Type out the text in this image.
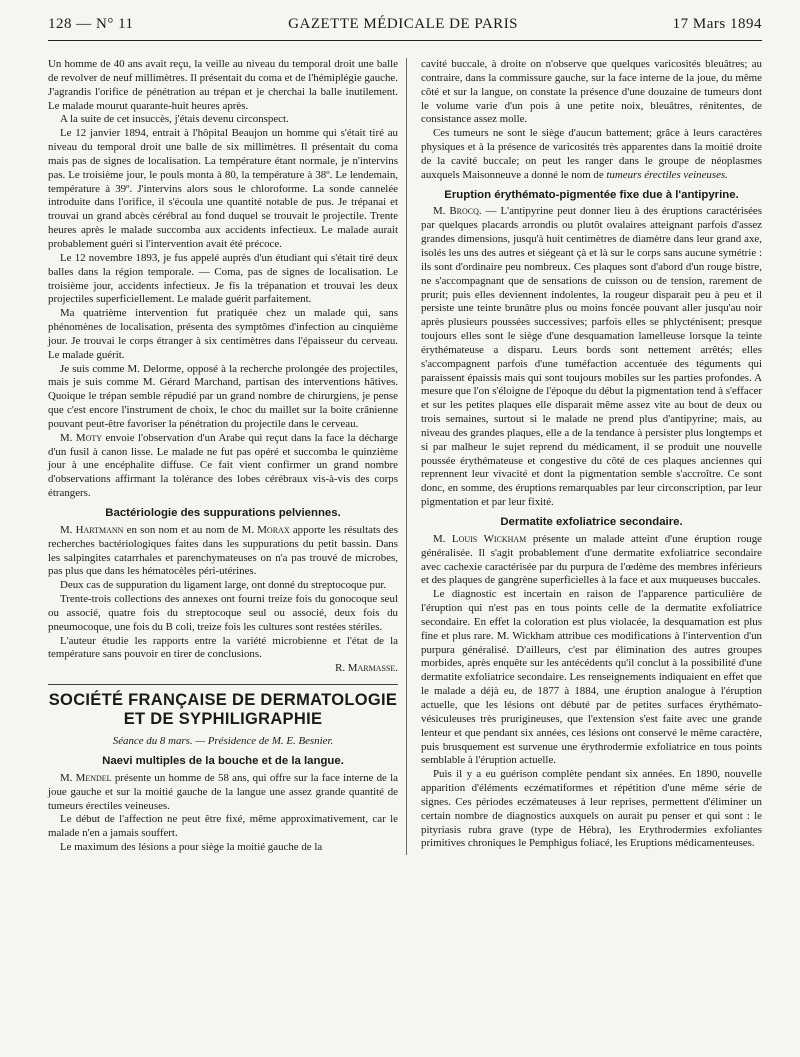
128 — N° 11	GAZETTE MÉDICALE DE PARIS	17 Mars 1894

Un homme de 40 ans avait reçu, la veille au niveau du temporal droit une balle de revolver de neuf millimètres. Il présentait du coma et de l'hémiplégie gauche. J'agrandis l'orifice de pénétration au trépan et je cherchai la balle inutilement. Le malade mourut quarante-huit heures après.

A la suite de cet insuccès, j'étais devenu circonspect.

Le 12 janvier 1894, entrait à l'hôpital Beaujon un homme qui s'était tiré au niveau du temporal droit une balle de six millimètres. Il présentait du coma mais pas de signes de localisation. La température étant normale, je n'intervins pas. Le troisième jour, le pouls monta à 80, la température à 38º. Le lendemain, température à 39º. J'intervins alors sous le chloroforme. La sonde cannelée introduite dans l'orifice, il s'écoula une quantité notable de pus. Je trépanai et trouvai un grand abcès cérébral au fond duquel se trouvait le projectile. Trente heures après le malade succomba aux accidents infectieux. Le malade aurait probablement guéri si l'intervention avait été précoce.

Le 12 novembre 1893, je fus appelé auprès d'un étudiant qui s'était tiré deux balles dans la région temporale. — Coma, pas de signes de localisation. Le troisième jour, accidents infectieux. Je fis la trépanation et trouvai les deux projectiles superficiellement. Le malade guérit parfaitement.

Ma quatrième intervention fut pratiquée chez un malade qui, sans phénomènes de localisation, présenta des symptômes d'infection au cinquième jour. Je trouvai le corps étranger à six centimètres dans l'épaisseur du cerveau. Le malade guérit.

Je suis comme M. Delorme, opposé à la recherche prolongée des projectiles, mais je suis comme M. Gérard Marchand, partisan des interventions hâtives. Quoique le trépan semble répudié par un grand nombre de chirurgiens, je pense que c'est encore l'instrument de choix, le choc du maillet sur la boite crânienne pouvant peut-être favoriser la pénétration du projectile dans le cerveau.

M. Moty envoie l'observation d'un Arabe qui reçut dans la face la décharge d'un fusil à canon lisse. Le malade ne fut pas opéré et succomba le quinzième jour à une encéphalite diffuse. Ce fait vient confirmer un grand nombre d'observations affirmant la tolérance des lobes cérébraux vis-à-vis des corps étrangers.

Bactériologie des suppurations pelviennes.

M. Hartmann en son nom et au nom de M. Morax apporte les résultats des recherches bactériologiques faites dans les suppurations du petit bassin. Dans les salpingites catarrhales et parenchymateuses on n'a pas trouvé de microbes, pas plus que dans les hématocèles péri-utérines.

Deux cas de suppuration du ligament large, ont donné du streptocoque pur.

Trente-trois collections des annexes ont fourni treize fois du gonocoque seul ou associé, quatre fois du streptocoque seul ou associé, deux fois du pneumocoque, une fois du B coli, treize fois les cultures sont restées stériles.

L'auteur étudie les rapports entre la variété microbienne et l'état de la température sans pouvoir en tirer de conclusions.

R. Marmasse.

SOCIÉTÉ FRANÇAISE DE DERMATOLOGIE
ET DE SYPHILIGRAPHIE

Séance du 8 mars. — Présidence de M. E. Besnier.

Naevi multiples de la bouche et de la langue.

M. Mendel présente un homme de 58 ans, qui offre sur la face interne de la joue gauche et sur la moitié gauche de la langue une assez grande quantité de tumeurs érectiles veineuses.

Le début de l'affection ne peut être fixé, même approximativement, car le malade n'en a jamais souffert.

Le maximum des lésions a pour siège la moitié gauche de la

cavité buccale, à droite on n'observe que quelques varicosités bleuâtres; au contraire, dans la commissure gauche, sur la face interne de la joue, du même côté et sur la langue, on constate la présence d'une douzaine de tumeurs dont le volume varie d'un pois à une petite noix, bleuâtres, rénitentes, de consistance assez molle.

Ces tumeurs ne sont le siège d'aucun battement; grâce à leurs caractères physiques et à la présence de varicosités très apparentes dans la moitié droite de la cavité buccale; on peut les ranger dans le groupe de néoplasmes auxquels Maisonneuve a donné le nom de tumeurs érectiles veineuses.

Eruption érythémato-pigmentée fixe due à l'antipyrine.

M. Brocq. — L'antipyrine peut donner lieu à des éruptions caractérisées par quelques placards arrondis ou plutôt ovalaires atteignant parfois d'assez grandes dimensions, jusqu'à huit centimètres de diamètre dans leur grand axe, isolés les uns des autres et siégeant çà et là sur le corps sans aucune symétrie : ils sont d'ordinaire peu nombreux. Ces plaques sont d'abord d'un rouge bistre, ne s'accompagnant que de sensations de cuisson ou de tension, rarement de prurit; puis elles deviennent indolentes, la rougeur disparait peu à peu et il persiste une teinte brunâtre plus ou moins foncée pouvant aller jusqu'au noir après plusieurs poussées successives; parfois elles se phlycténisent; presque toujours elles sont le siège d'une desquamation lamelleuse lorsque la teinte érythémateuse a disparu. Leurs bords sont nettement arrêtés; elles s'accompagnent parfois d'une tuméfaction accentuée des téguments qui paraissent épaissis mais qui sont toujours mobiles sur les parties profondes. A mesure que l'on s'éloigne de l'époque du début la pigmentation tend à s'effacer et sur les petites plaques elle disparait même assez vite au bout de deux ou trois semaines, surtout si le malade ne prend plus d'antipyrine; mais, au niveau des grandes plaques, elle a de la tendance à persister plus longtemps et si par malheur le sujet reprend du médicament, il se produit une nouvelle poussée érythémateuse et congestive du côté de ces plaques anciennes qui reprennent leur vivacité et dont la pigmentation semble s'accroître. Ce sont donc, en somme, des éruptions remarquables par leur circonscription, par leur pigmentation et par leur fixité.

Dermatite exfoliatrice secondaire.

M. Louis Wickham présente un malade atteint d'une éruption rouge généralisée. Il s'agit probablement d'une dermatite exfoliatrice secondaire avec cachexie caractérisée par du purpura de l'œdème des membres inférieurs et des plaques de gangrène superficielles à la face et aux muqueuses buccales.

Le diagnostic est incertain en raison de l'apparence particulière de l'éruption qui n'est pas en tous points celle de la dermatite exfoliatrice secondaire. En effet la coloration est plus violacée, la desquamation est plus fine et plus rare. M. Wickham attribue ces modifications à l'intervention d'un purpura généralisé. D'ailleurs, c'est par élimination des autres groupes morbides, après enquête sur les antécédents qu'il conclut à la possibilité d'une dermatite exfoliatrice secondaire. Les renseignements indiquaient en effet que le malade a déjà eu, de 1877 à 1884, une éruption analogue à l'éruption actuelle, que les lésions ont débuté par de petites surfaces érythémato-vésiculeuses très prurigineuses, que l'extension s'est faite avec une grande lenteur et que pendant six années, ces lésions ont conservé le même caractère, puis brusquement est survenue une érythrodermie exfoliatrice en tous points semblable à l'éruption actuelle.

Puis il y a eu guérison complète pendant six années. En 1890, nouvelle apparition d'éléments eczématiformes et répétition d'une même série de signes. Ces périodes eczémateuses à leur reprises, permettent d'éliminer un certain nombre de diagnostics auxquels on aurait pu penser et qui sont : le pityriasis rubra grave (type de Hébra), les Erythrodermies exfoliantes primitives chroniques le Pemphigus foliacé, les Eruptions médicamenteuses.
